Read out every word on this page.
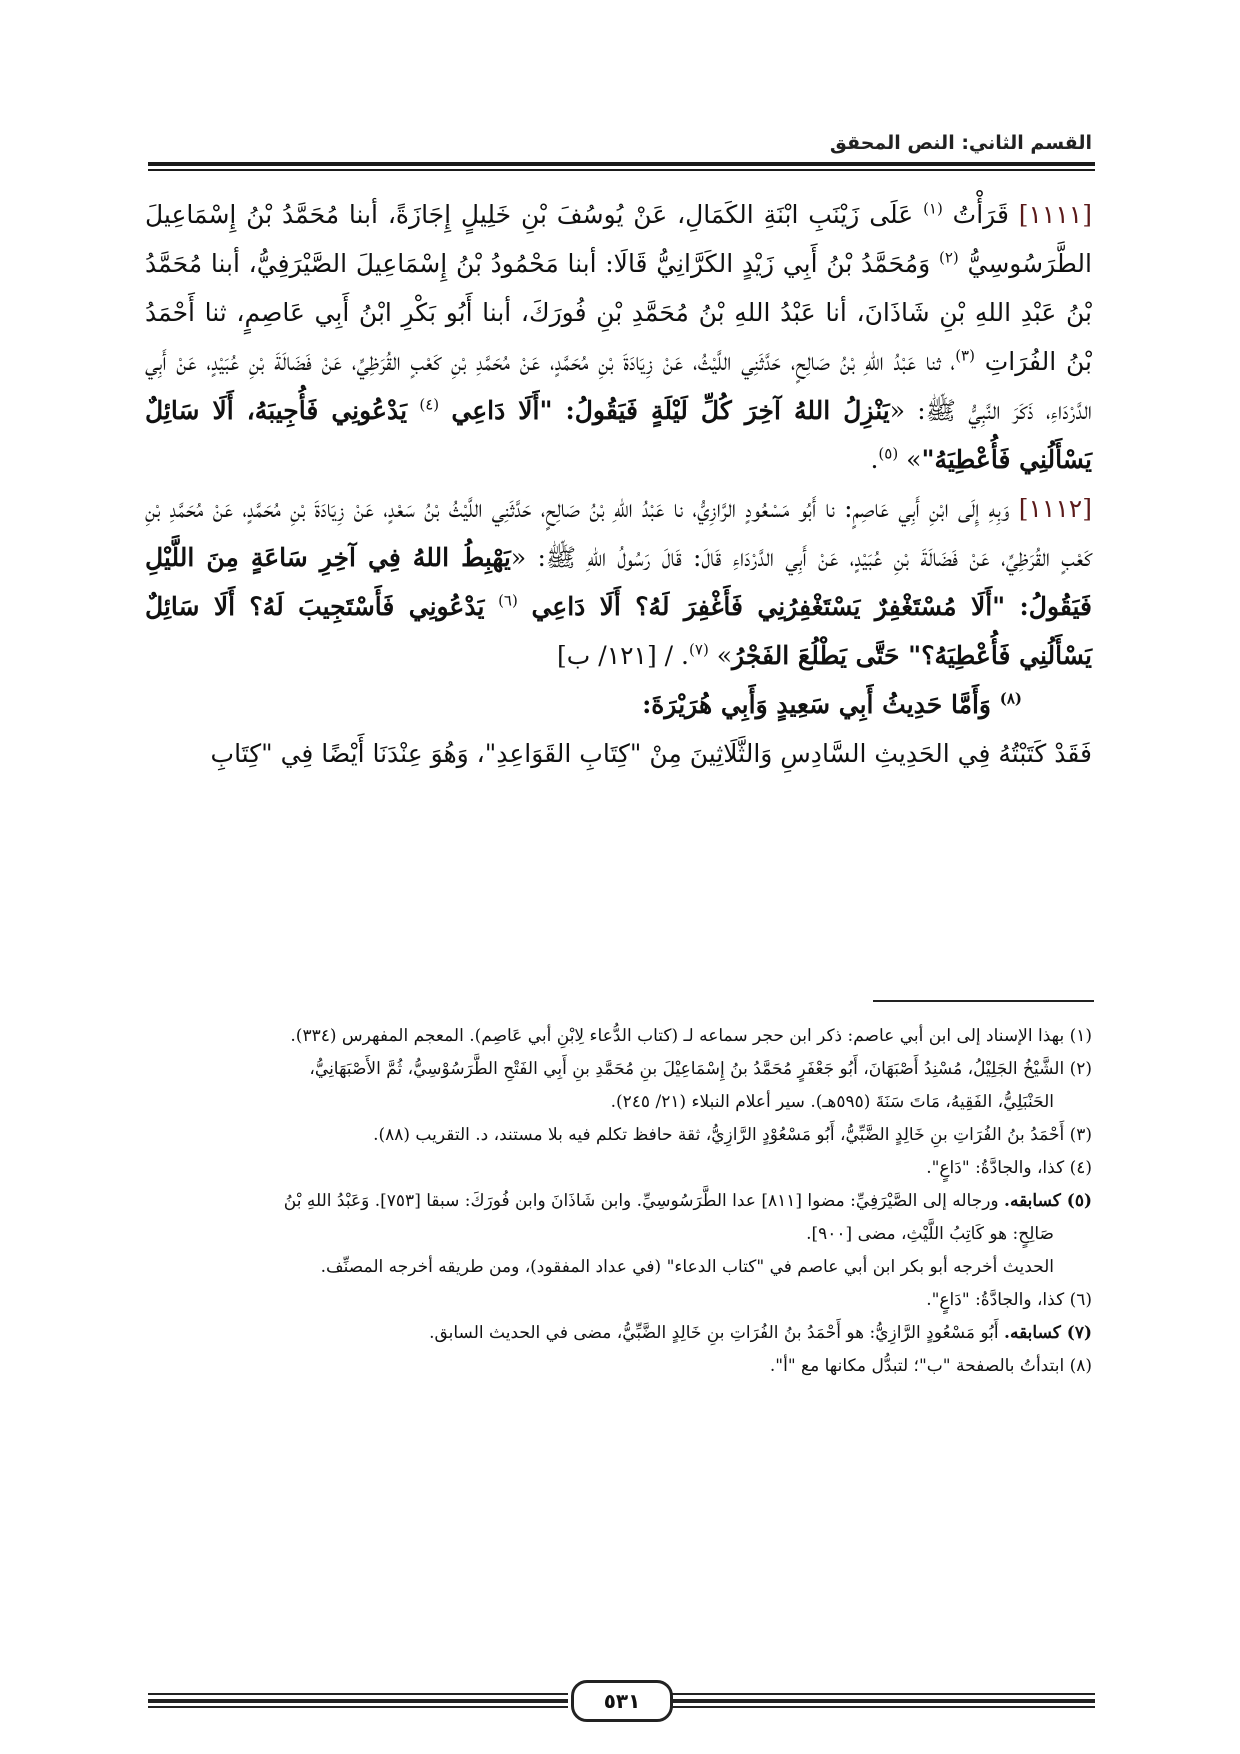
القسم الثاني: النص المحقق

[١١١١] قَرَأْتُ $^{(١)}$ عَلَى زَيْنَبِ ابْنَةِ الكَمَالِ، عَنْ يُوسُفَ بْنِ خَلِيلٍ إِجَازَةً، أبنا مُحَمَّدُ بْنُ إِسْمَاعِيلَ الطَّرَسُوسِيُّ $^{(٢)}$ وَمُحَمَّدُ بْنُ أَبِي زَيْدٍ الكَرَّانِيُّ قَالَا: أبنا مَحْمُودُ بْنُ إِسْمَاعِيلَ الصَّيْرَفِيُّ، أبنا مُحَمَّدُ بْنُ عَبْدِ اللهِ بْنِ شَاذَانَ، أنا عَبْدُ اللهِ بْنُ مُحَمَّدِ بْنِ فُورَكَ، أبنا أَبُو بَكْرِ ابْنُ أَبِي عَاصِمٍ، ثنا أَحْمَدُ بْنُ الفُرَاتِ $^{(٣)}$، ثنا عَبْدُ اللهِ بْنُ صَالِحٍ، حَدَّثَنِي اللَّيْثُ، عَنْ زِيَادَةَ بْنِ مُحَمَّدٍ، عَنْ مُحَمَّدِ بْنِ كَعْبٍ القُرَظِيِّ، عَنْ فَضَالَةَ بْنِ عُبَيْدٍ، عَنْ أَبِي الدَّرْدَاءِ، ذَكَرَ النَّبِيُّ ﷺ: «يَنْزِلُ اللهُ آخِرَ كُلِّ لَيْلَةٍ فَيَقُولُ: "أَلَا دَاعِي $^{(٤)}$ يَدْعُونِي فَأُجِيبَهُ، أَلَا سَائِلٌ يَسْأَلُنِي فَأُعْطِيَهُ"» $^{(٥)}$.

[١١١٢] وَبِهِ إِلَى ابْنِ أَبِي عَاصِمٍ: نا أَبُو مَسْعُودٍ الرَّازِيُّ، نا عَبْدُ اللهِ بْنُ صَالِحٍ، حَدَّثَنِي اللَّيْثُ بْنُ سَعْدٍ، عَنْ زِيَادَةَ بْنِ مُحَمَّدٍ، عَنْ مُحَمَّدِ بْنِ كَعْبٍ القُرَظِيِّ، عَنْ فَضَالَةَ بْنِ عُبَيْدٍ، عَنْ أَبِي الدَّرْدَاءِ قَالَ: قَالَ رَسُولُ اللهِ ﷺ: «يَهْبِطُ اللهُ فِي آخِرِ سَاعَةٍ مِنَ اللَّيْلِ فَيَقُولُ: "أَلَا مُسْتَغْفِرٌ يَسْتَغْفِرُنِي فَأَغْفِرَ لَهُ؟ أَلَا دَاعِي $^{(٦)}$ يَدْعُونِي فَأَسْتَجِيبَ لَهُ؟ أَلَا سَائِلٌ يَسْأَلُنِي فَأُعْطِيَهُ؟" حَتَّى يَطْلُعَ الفَجْرُ» $^{(٧)}$. / [١٢١/ ب]

$^{(٨)}$ وَأَمَّا حَدِيثُ أَبِي سَعِيدٍ وَأَبِي هُرَيْرَةَ:

فَقَدْ كَتَبْتُهُ فِي الحَدِيثِ السَّادِسِ وَالثَّلَاثِينَ مِنْ "كِتَابِ القَوَاعِدِ"، وَهُوَ عِنْدَنَا أَيْضًا فِي "كِتَابِ

(١) بهذا الإسناد إلى ابن أبي عاصم: ذكر ابن حجر سماعه لـ (كتاب الدُّعاء لِابْنِ أبي عَاصِم). المعجم المفهرس (٣٣٤).

(٢) الشَّيْخُ الجَلِيْلُ، مُسْنِدُ أَصْبَهَانَ، أَبُو جَعْفَرٍ مُحَمَّدُ بنُ إِسْمَاعِيْلَ بنِ مُحَمَّدِ بنِ أَبِي الفَتْحِ الطَّرَسُوْسِيُّ، ثُمَّ الأَصْبَهَانِيُّ،

الحَنْبَلِيُّ، الفَقِيهُ، مَاتَ سَنَةَ (٥٩٥هـ). سير أعلام النبلاء (٢١/ ٢٤٥).

(٣) أَحْمَدُ بنُ الفُرَاتِ بنِ خَالِدٍ الضَّبِّيُّ، أَبُو مَسْعُوْدٍ الرَّازِيُّ، ثقة حافظ تكلم فيه بلا مستند، د. التقريب (٨٨).

(٤) كذا، والجادَّةُ: "دَاعٍ".

(٥) كسابقه. ورجاله إلى الصَّيْرَفِيِّ: مضوا [٨١١] عدا الطَّرَسُوسِيِّ. وابن شَاذَانَ وابن فُورَكَ: سبقا [٧٥٣]. وَعَبْدُ اللهِ بْنُ

صَالِحٍ: هو كَاتِبُ اللَّيْثِ، مضى [٩٠٠].

الحديث أخرجه أبو بكر ابن أبي عاصم في "كتاب الدعاء" (في عداد المفقود)، ومن طريقه أخرجه المصنِّف.

(٦) كذا، والجادَّةُ: "دَاعٍ".

(٧) كسابقه. أَبُو مَسْعُودٍ الرَّازِيُّ: هو أَحْمَدُ بنُ الفُرَاتِ بنِ خَالِدٍ الضَّبِّيُّ، مضى في الحديث السابق.

(٨) ابتدأتُ بالصفحة "ب"؛ لتبدُّل مكانها مع "أ".

٥٣١
